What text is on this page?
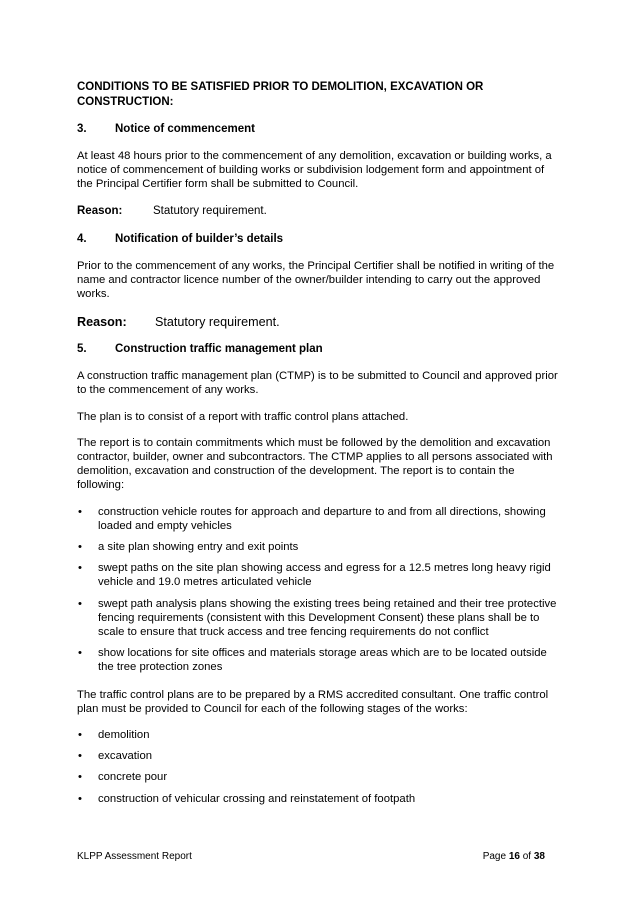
CONDITIONS TO BE SATISFIED PRIOR TO DEMOLITION, EXCAVATION OR CONSTRUCTION:
3.	Notice of commencement

At least 48 hours prior to the commencement of any demolition, excavation or building works, a notice of commencement of building works or subdivision lodgement form and appointment of the Principal Certifier form shall be submitted to Council.

Reason:	Statutory requirement.
4.	Notification of builder’s details

Prior to the commencement of any works, the Principal Certifier shall be notified in writing of the name and contractor licence number of the owner/builder intending to carry out the approved works.

Reason:	Statutory requirement.
5.	Construction traffic management plan

A construction traffic management plan (CTMP) is to be submitted to Council and approved prior to the commencement of any works.

The plan is to consist of a report with traffic control plans attached.

The report is to contain commitments which must be followed by the demolition and excavation contractor, builder, owner and subcontractors. The CTMP applies to all persons associated with demolition, excavation and construction of the development. The report is to contain the following:

•	construction vehicle routes for approach and departure to and from all directions, showing loaded and empty vehicles
•	a site plan showing entry and exit points
•	swept paths on the site plan showing access and egress for a 12.5 metres long heavy rigid vehicle and 19.0 metres articulated vehicle
•	swept path analysis plans showing the existing trees being retained and their tree protective fencing requirements (consistent with this Development Consent) these plans shall be to scale to ensure that truck access and tree fencing requirements do not conflict
•	show locations for site offices and materials storage areas which are to be located outside the tree protection zones

The traffic control plans are to be prepared by a RMS accredited consultant. One traffic control plan must be provided to Council for each of the following stages of the works:

•	demolition
•	excavation
•	concrete pour
•	construction of vehicular crossing and reinstatement of footpath
KLPP Assessment Report	Page 16 of 38
